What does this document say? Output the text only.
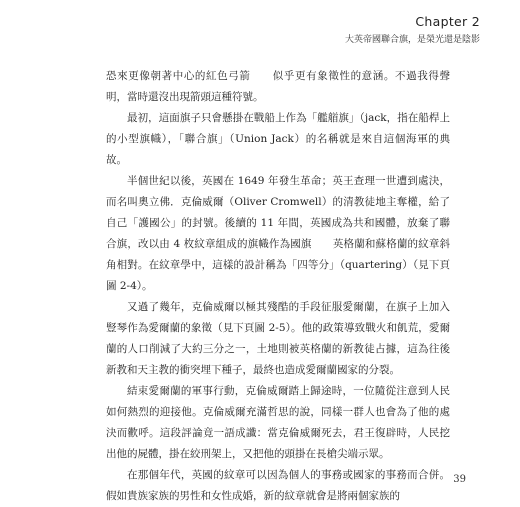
Chapter 2
大英帝國聯合旗，是榮光還是陰影

恐來更像朝著中心的紅色弓箭　　似乎更有象徵性的意涵。不過我得聲明，當時還沒出現箭頭這種符號。

最初，這面旗子只會懸掛在戰船上作為「艦艏旗」（jack，指在船桿上的小型旗幟），「聯合旗」（Union Jack）的名稱就是來自這個海軍的典故。

半個世紀以後，英國在 1649 年發生革命；英王查理一世遭到處決，而名叫奧立佛．克倫威爾（Oliver Cromwell）的清教徒地主奪權，給了自己「護國公」的封號。後續的 11 年間，英國成為共和國體，放棄了聯合旗，改以由 4 枚紋章組成的旗幟作為國旗　　英格蘭和蘇格蘭的紋章斜角相對。在紋章學中，這樣的設計稱為「四等分」（quartering）（見下頁圖 2-4）。

又過了幾年，克倫威爾以極其殘酷的手段征服愛爾蘭，在旗子上加入豎琴作為愛爾蘭的象徵（見下頁圖 2-5）。他的政策導致戰火和飢荒，愛爾蘭的人口削減了大約三分之一，土地則被英格蘭的新教徒占據，這為往後新教和天主教的衝突埋下種子，最終也造成愛爾蘭國家的分裂。

結束愛爾蘭的軍事行動，克倫威爾踏上歸途時，一位隨從注意到人民如何熱烈的迎接他。克倫威爾充滿哲思的說，同樣一群人也會為了他的處決而歡呼。這段評論竟一語成讖：當克倫威爾死去，君王復辟時，人民挖出他的屍體，掛在絞刑架上，又把他的頭掛在長槍尖端示眾。

在那個年代，英國的紋章可以因為個人的事務或國家的事務而合併。假如貴族家族的男性和女性成婚，新的紋章就會是將兩個家族的

39
